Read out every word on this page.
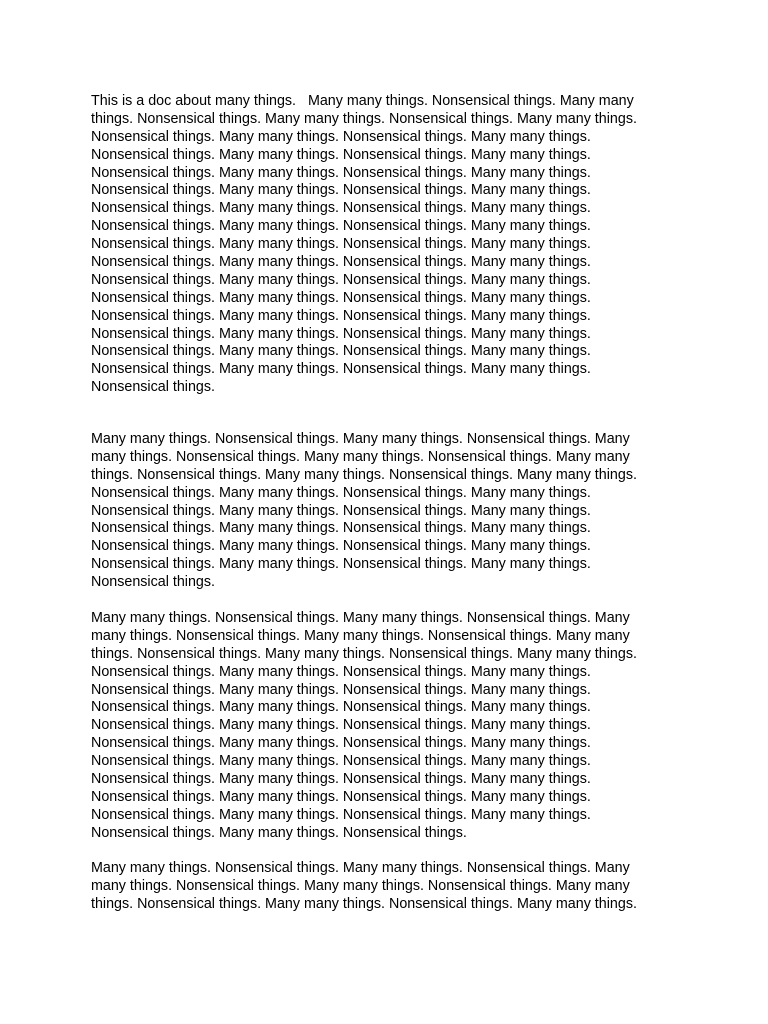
This is a doc about many things.   Many many things. Nonsensical things. Many many
things. Nonsensical things. Many many things. Nonsensical things. Many many things.
Nonsensical things. Many many things. Nonsensical things. Many many things.
Nonsensical things. Many many things. Nonsensical things. Many many things.
Nonsensical things. Many many things. Nonsensical things. Many many things.
Nonsensical things. Many many things. Nonsensical things. Many many things.
Nonsensical things. Many many things. Nonsensical things. Many many things.
Nonsensical things. Many many things. Nonsensical things. Many many things.
Nonsensical things. Many many things. Nonsensical things. Many many things.
Nonsensical things. Many many things. Nonsensical things. Many many things.
Nonsensical things. Many many things. Nonsensical things. Many many things.
Nonsensical things. Many many things. Nonsensical things. Many many things.
Nonsensical things. Many many things. Nonsensical things. Many many things.
Nonsensical things. Many many things. Nonsensical things. Many many things.
Nonsensical things. Many many things. Nonsensical things. Many many things.
Nonsensical things. Many many things. Nonsensical things. Many many things.
Nonsensical things.
Many many things. Nonsensical things. Many many things. Nonsensical things. Many
many things. Nonsensical things. Many many things. Nonsensical things. Many many
things. Nonsensical things. Many many things. Nonsensical things. Many many things.
Nonsensical things. Many many things. Nonsensical things. Many many things.
Nonsensical things. Many many things. Nonsensical things. Many many things.
Nonsensical things. Many many things. Nonsensical things. Many many things.
Nonsensical things. Many many things. Nonsensical things. Many many things.
Nonsensical things. Many many things. Nonsensical things. Many many things.
Nonsensical things.
Many many things. Nonsensical things. Many many things. Nonsensical things. Many
many things. Nonsensical things. Many many things. Nonsensical things. Many many
things. Nonsensical things. Many many things. Nonsensical things. Many many things.
Nonsensical things. Many many things. Nonsensical things. Many many things.
Nonsensical things. Many many things. Nonsensical things. Many many things.
Nonsensical things. Many many things. Nonsensical things. Many many things.
Nonsensical things. Many many things. Nonsensical things. Many many things.
Nonsensical things. Many many things. Nonsensical things. Many many things.
Nonsensical things. Many many things. Nonsensical things. Many many things.
Nonsensical things. Many many things. Nonsensical things. Many many things.
Nonsensical things. Many many things. Nonsensical things. Many many things.
Nonsensical things. Many many things. Nonsensical things. Many many things.
Nonsensical things. Many many things. Nonsensical things.
Many many things. Nonsensical things. Many many things. Nonsensical things. Many
many things. Nonsensical things. Many many things. Nonsensical things. Many many
things. Nonsensical things. Many many things. Nonsensical things. Many many things.
